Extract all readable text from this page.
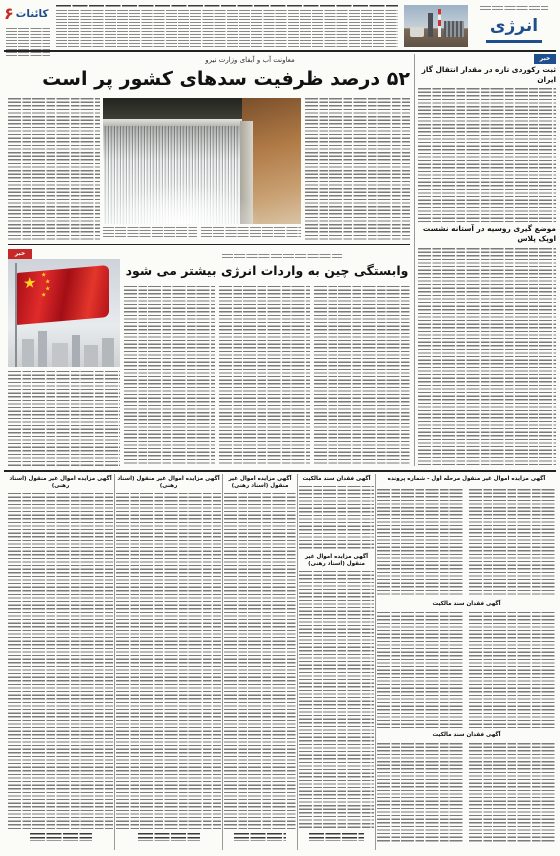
۶ کائنات
انرژی
خبر
ثبت رکوردی تازه در مقدار انتقال گاز ایران
موضع گیری روسیه در آستانه نشست اوپک پلاس
معاونت آب و آبفای وزارت نیرو
۵۲ درصد ظرفیت سدهای کشور پر است
★ ★
★
★
★
خبر
وابستگی چین به واردات انرژی بیشتر می شود
آگهی مزایده اموال غیر منقول (اسناد رهنی)
آگهی مزایده اموال غیر منقول (اسناد رهنی)
آگهی مزایده اموال غیر منقول (اسناد رهنی)
آگهی فقدان سند مالکیت
آگهی مزایده اموال غیر منقول (اسناد رهنی)
آگهی مزایده اموال غیر منقول مرحله اول - شماره پرونده
آگهی فقدان سند مالکیت
آگهی فقدان سند مالکیت
